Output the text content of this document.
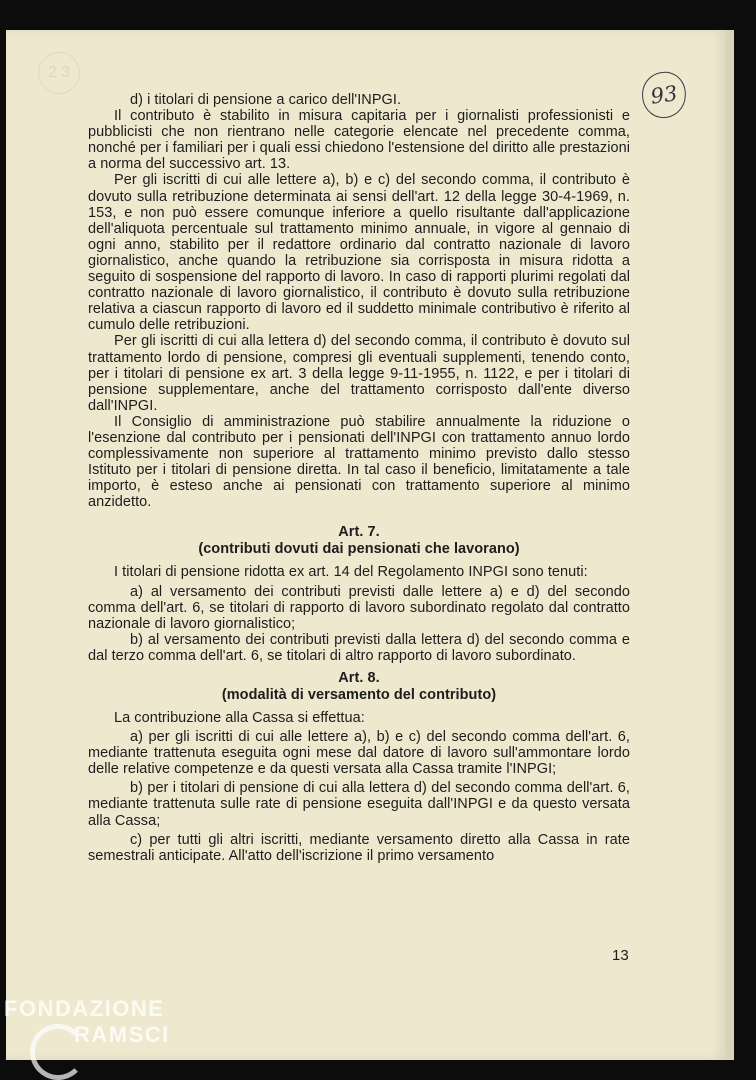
2 3
93

d) i titolari di pensione a carico dell'INPGI.

Il contributo è stabilito in misura capitaria per i giornalisti professionisti e pubblicisti che non rientrano nelle categorie elencate nel precedente comma, nonché per i familiari per i quali essi chiedono l'estensione del diritto alle prestazioni a norma del successivo art. 13.

Per gli iscritti di cui alle lettere a), b) e c) del secondo comma, il contributo è dovuto sulla retribuzione determinata ai sensi dell'art. 12 della legge 30-4-1969, n. 153, e non può essere comunque inferiore a quello risultante dall'applicazione dell'aliquota percentuale sul trattamento minimo annuale, in vigore al gennaio di ogni anno, stabilito per il redattore ordinario dal contratto nazionale di lavoro giornalistico, anche quando la retribuzione sia corrisposta in misura ridotta a seguito di sospensione del rapporto di lavoro. In caso di rapporti plurimi regolati dal contratto nazionale di lavoro giornalistico, il contributo è dovuto sulla retribuzione relativa a ciascun rapporto di lavoro ed il suddetto minimale contributivo è riferito al cumulo delle retribuzioni.

Per gli iscritti di cui alla lettera d) del secondo comma, il contributo è dovuto sul trattamento lordo di pensione, compresi gli eventuali supplementi, tenendo conto, per i titolari di pensione ex art. 3 della legge 9-11-1955, n. 1122, e per i titolari di pensione supplementare, anche del trattamento corrisposto dall'ente diverso dall'INPGI.

Il Consiglio di amministrazione può stabilire annualmente la riduzione o l'esenzione dal contributo per i pensionati dell'INPGI con trattamento annuo lordo complessivamente non superiore al trattamento minimo previsto dallo stesso Istituto per i titolari di pensione diretta. In tal caso il beneficio, limitatamente a tale importo, è esteso anche ai pensionati con trattamento superiore al minimo anzidetto.

Art. 7.

(contributi dovuti dai pensionati che lavorano)

I titolari di pensione ridotta ex art. 14 del Regolamento INPGI sono tenuti:

a) al versamento dei contributi previsti dalle lettere a) e d) del secondo comma dell'art. 6, se titolari di rapporto di lavoro subordinato regolato dal contratto nazionale di lavoro giornalistico;

b) al versamento dei contributi previsti dalla lettera d) del secondo comma e dal terzo comma dell'art. 6, se titolari di altro rapporto di lavoro subordinato.

Art. 8.

(modalità di versamento del contributo)

La contribuzione alla Cassa si effettua:

a) per gli iscritti di cui alle lettere a), b) e c) del secondo comma dell'art. 6, mediante trattenuta eseguita ogni mese dal datore di lavoro sull'ammontare lordo delle relative competenze e da questi versata alla Cassa tramite l'INPGI;

b) per i titolari di pensione di cui alla lettera d) del secondo comma dell'art. 6, mediante trattenuta sulle rate di pensione eseguita dall'INPGI e da questo versata alla Cassa;

c) per tutti gli altri iscritti, mediante versamento diretto alla Cassa in rate semestrali anticipate. All'atto dell'iscrizione il primo versamento

13
FONDAZIONE
RAMSCI
